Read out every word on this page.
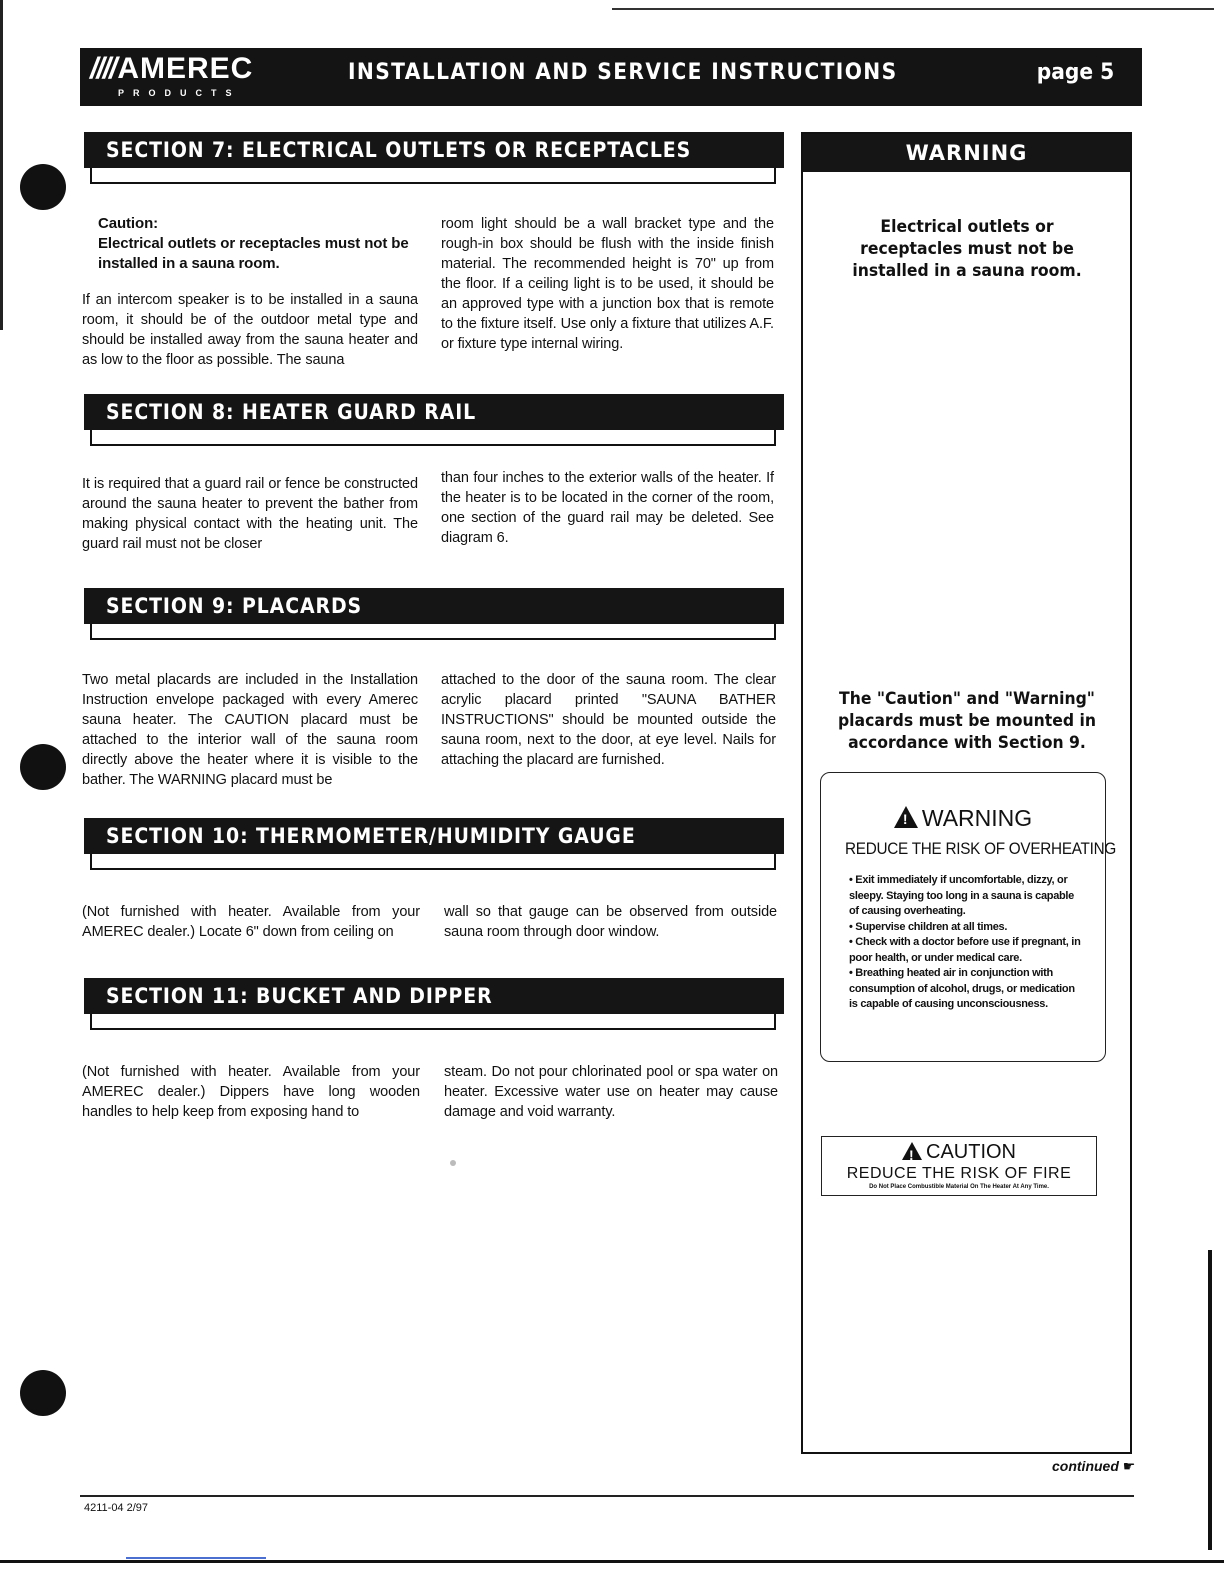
////AMEREC
PRODUCTS
INSTALLATION AND SERVICE INSTRUCTIONS	page 5
SECTION 7: ELECTRICAL OUTLETS OR RECEPTACLES
Caution:
Electrical outlets or receptacles must not be installed in a sauna room.
If an intercom speaker is to be installed in a sauna room, it should be of the outdoor metal type and should be installed away from the sauna heater and as low to the floor as possible. The sauna
room light should be a wall bracket type and the rough-in box should be flush with the inside finish material. The recommended height is 70" up from the floor. If a ceiling light is to be used, it should be an approved type with a junction box that is remote to the fixture itself. Use only a fixture that utilizes A.F. or fixture type internal wiring.
SECTION 8: HEATER GUARD RAIL
It is required that a guard rail or fence be constructed around the sauna heater to prevent the bather from making physical contact with the heating unit. The guard rail must not be closer
than four inches to the exterior walls of the heater. If the heater is to be located in the corner of the room, one section of the guard rail may be deleted. See diagram 6.
SECTION 9: PLACARDS
Two metal placards are included in the Installation Instruction envelope packaged with every Amerec sauna heater. The CAUTION placard must be attached to the interior wall of the sauna room directly above the heater where it is visible to the bather. The WARNING placard must be
attached to the door of the sauna room. The clear acrylic placard printed "SAUNA BATHER INSTRUCTIONS" should be mounted outside the sauna room, next to the door, at eye level. Nails for attaching the placard are furnished.
SECTION 10: THERMOMETER/HUMIDITY GAUGE
(Not furnished with heater. Available from your AMEREC dealer.) Locate 6" down from ceiling on
wall so that gauge can be observed from outside sauna room through door window.
SECTION 11: BUCKET AND DIPPER
(Not furnished with heater. Available from your AMEREC dealer.) Dippers have long wooden handles to help keep from exposing hand to
steam. Do not pour chlorinated pool or spa water on heater. Excessive water use on heater may cause damage and void warranty.
WARNING
Electrical outlets or receptacles must not be installed in a sauna room.
The "Caution" and "Warning" placards must be mounted in accordance with Section 9.
!WARNING
REDUCE THE RISK OF OVERHEATING
• Exit immediately if uncomfortable, dizzy, or sleepy. Staying too long in a sauna is capable of causing overheating.
• Supervise children at all times.
• Check with a doctor before use if pregnant, in poor health, or under medical care.
• Breathing heated air in conjunction with consumption of alcohol, drugs, or medication is capable of causing unconsciousness.
!CAUTION
REDUCE THE RISK OF FIRE
Do Not Place Combustible Material On The Heater At Any Time.
continued ☛
4211-04 2/97
